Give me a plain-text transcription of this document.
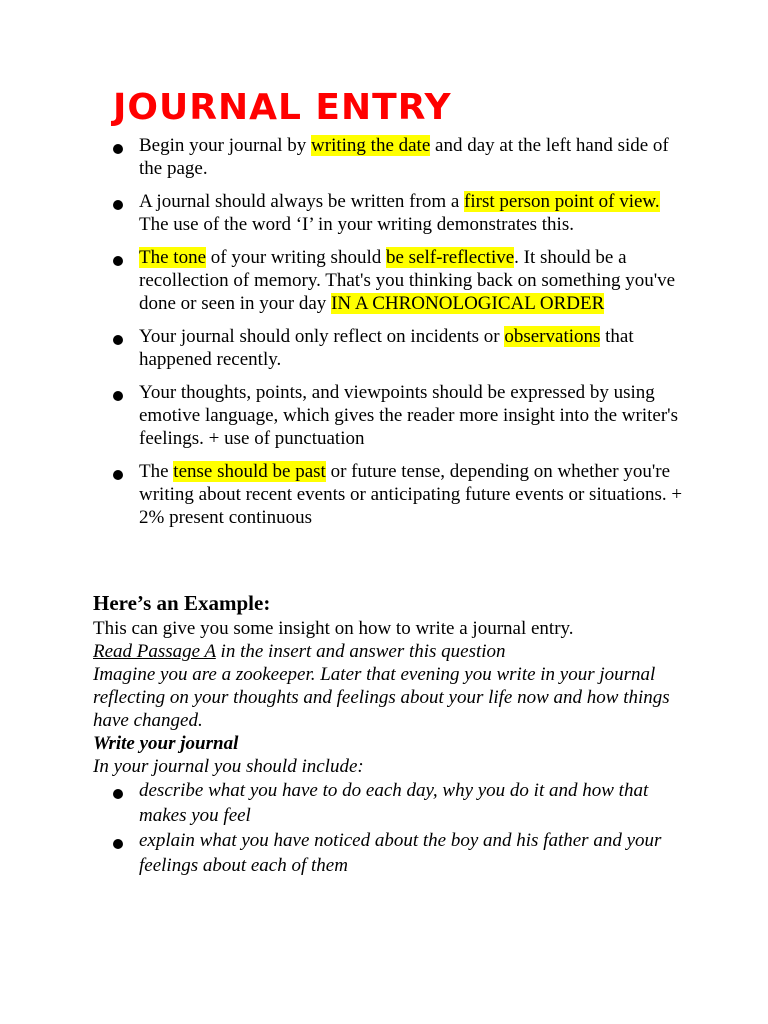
JOURNAL ENTRY
Begin your journal by writing the date and day at the left hand side of the page.
A journal should always be written from a first person point of view. The use of the word ‘I’ in your writing demonstrates this.
The tone of your writing should be self-reflective. It should be a recollection of memory. That's you thinking back on something you've done or seen in your day IN A CHRONOLOGICAL ORDER
Your journal should only reflect on incidents or observations that happened recently.
Your thoughts, points, and viewpoints should be expressed by using emotive language, which gives the reader more insight into the writer's feelings. + use of punctuation
The tense should be past or future tense, depending on whether you're writing about recent events or anticipating future events or situations. + 2% present continuous
Here’s an Example:

This can give you some insight on how to write a journal entry.

Read Passage A in the insert and answer this question

Imagine you are a zookeeper. Later that evening you write in your journal reflecting on your thoughts and feelings about your life now and how things have changed.

Write your journal

In your journal you should include:

describe what you have to do each day, why you do it and how that makes you feel
explain what you have noticed about the boy and his father and your feelings about each of them
